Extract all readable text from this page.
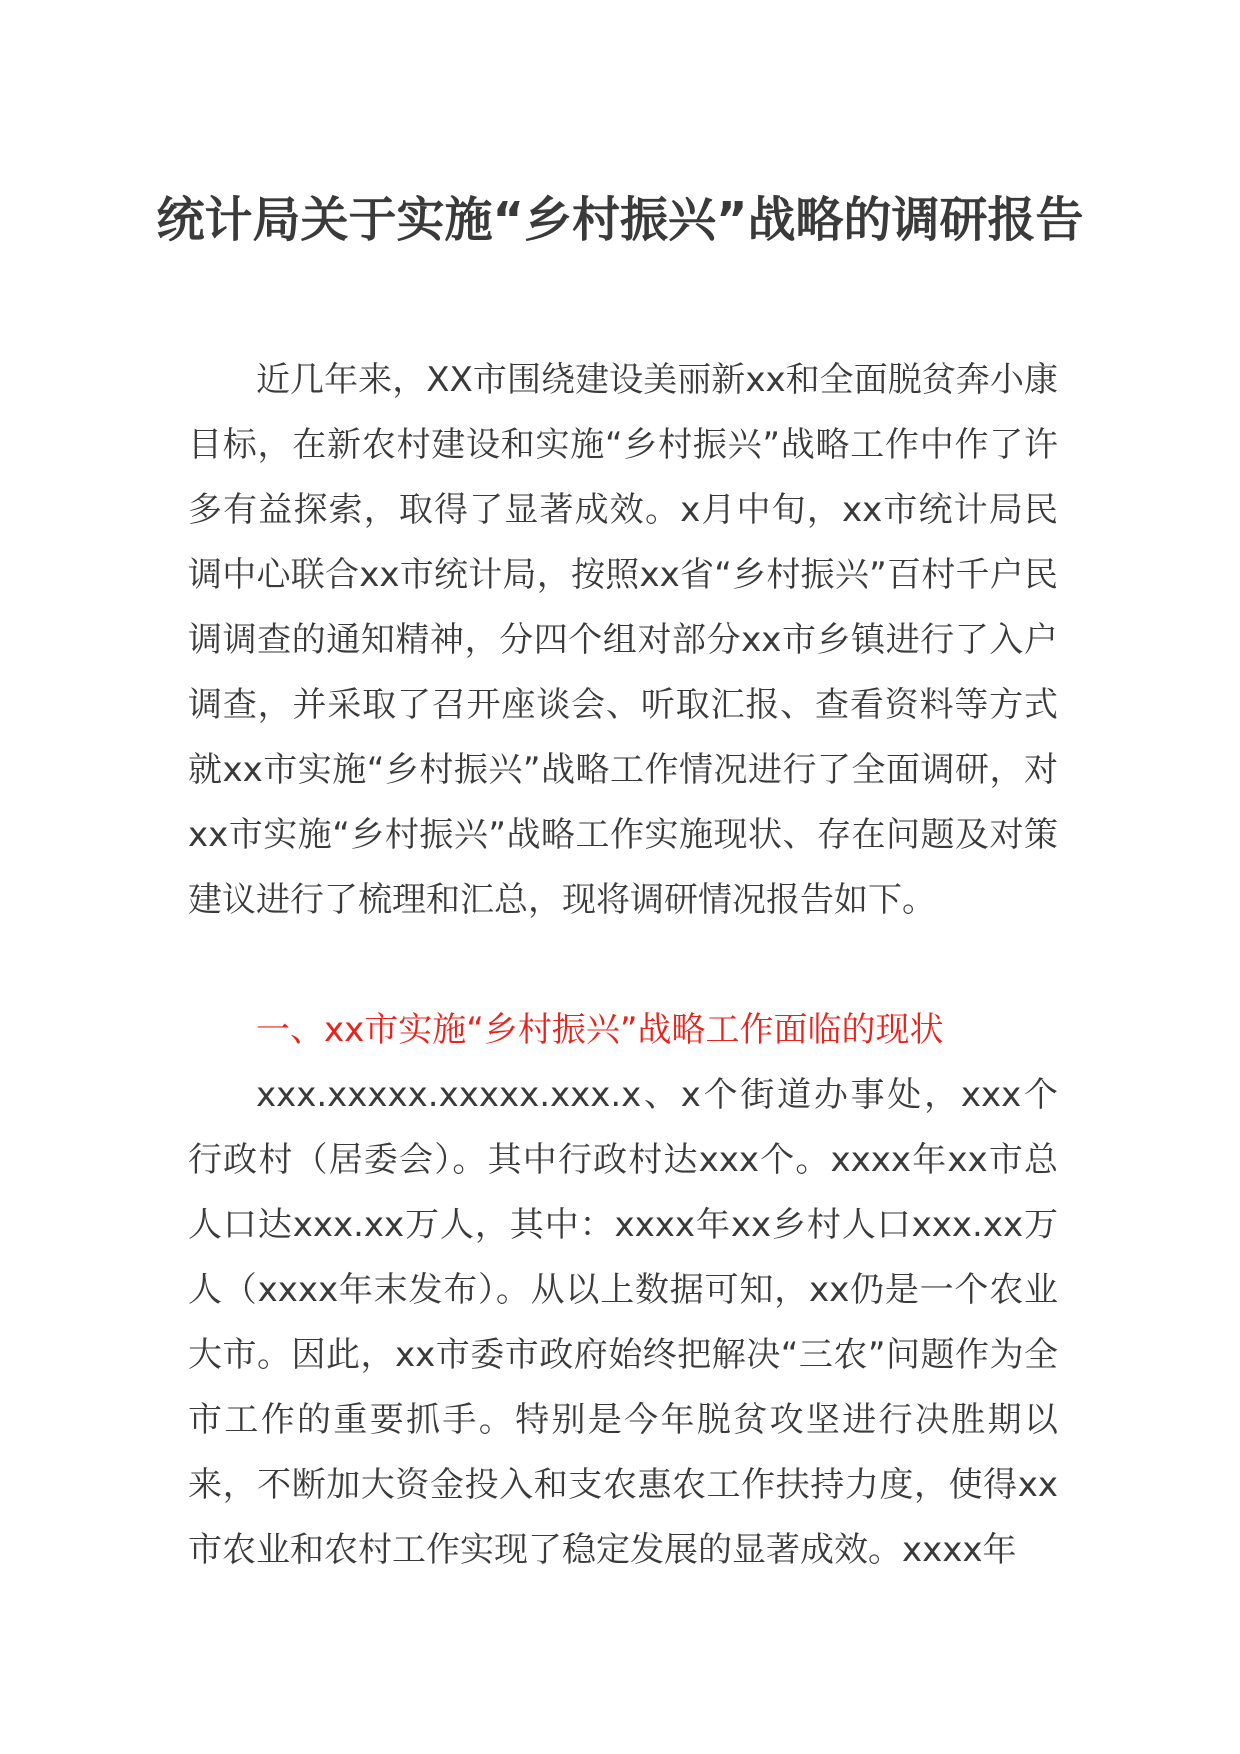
统计局关于实施“乡村振兴”战略的调研报告

近几年来，XX市围绕建设美丽新xx和全面脱贫奔小康目标，在新农村建设和实施“乡村振兴”战略工作中作了许多有益探索，取得了显著成效。x月中旬，xx市统计局民调中心联合xx市统计局，按照xx省“乡村振兴”百村千户民调调查的通知精神，分四个组对部分xx市乡镇进行了入户调查，并采取了召开座谈会、听取汇报、查看资料等方式就xx市实施“乡村振兴”战略工作情况进行了全面调研，对xx市实施“乡村振兴”战略工作实施现状、存在问题及对策建议进行了梳理和汇总，现将调研情况报告如下。

一、xx市实施“乡村振兴”战略工作面临的现状

xxx.xxxxx.xxxxx.xxx.x、x个街道办事处，xxx个行政村（居委会）。其中行政村达xxx个。xxxx年xx市总人口达xxx.xx万人，其中：xxxx年xx乡村人口xxx.xx万人（xxxx年末发布）。从以上数据可知，xx仍是一个农业大市。因此，xx市委市政府始终把解决“三农”问题作为全市工作的重要抓手。特别是今年脱贫攻坚进行决胜期以来，不断加大资金投入和支农惠农工作扶持力度，使得xx市农业和农村工作实现了稳定发展的显著成效。xxxx年
